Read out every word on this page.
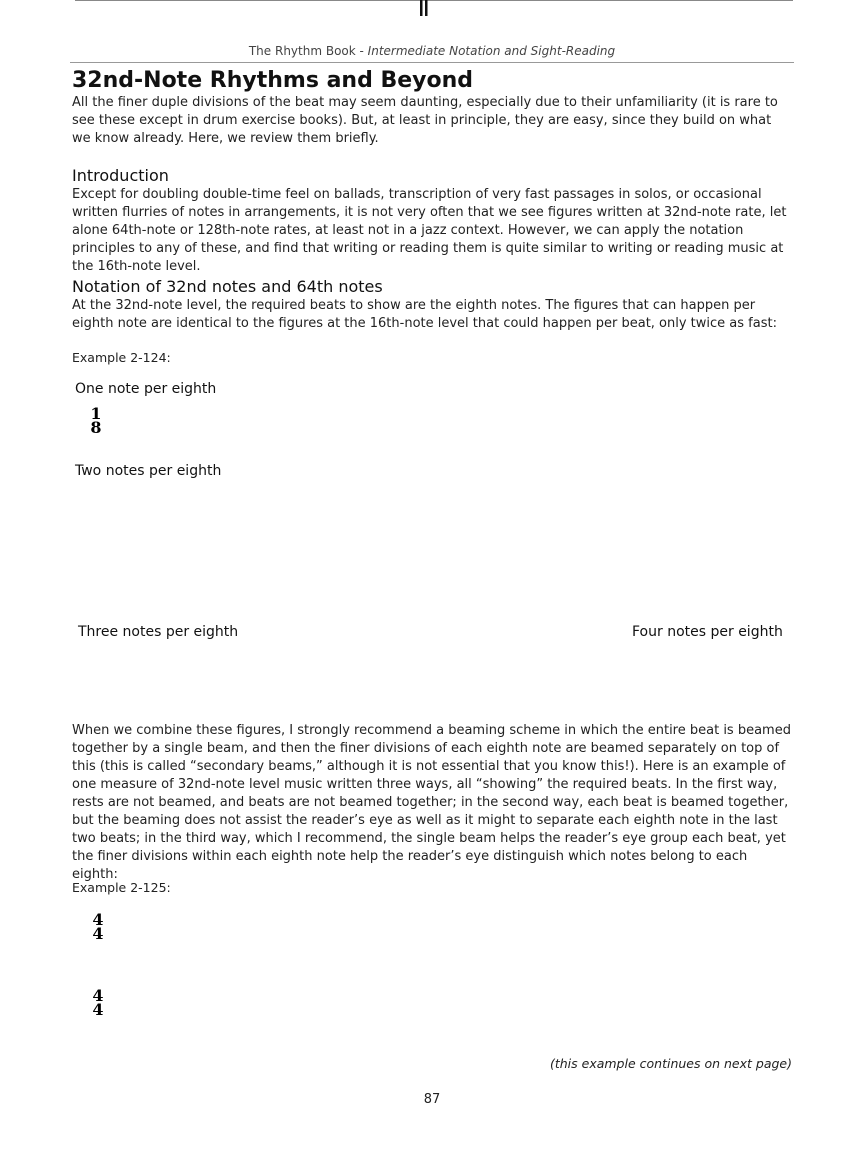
The Rhythm Book - Intermediate Notation and Sight-Reading
32nd-Note Rhythms and Beyond
All the finer duple divisions of the beat may seem daunting, especially due to their unfamiliarity (it is rare to see these except in drum exercise books). But, at least in principle, they are easy, since they build on what we know already. Here, we review them briefly.
Introduction
Except for doubling double-time feel on ballads, transcription of very fast passages in solos, or occasional written flurries of notes in arrangements, it is not very often that we see figures written at 32nd-note rate, let alone 64th-note or 128th-note rates, at least not in a jazz context. However, we can apply the notation principles to any of these, and find that writing or reading them is quite similar to writing or reading music at the 16th-note level.
Notation of 32nd notes and 64th notes
At the 32nd-note level, the required beats to show are the eighth notes. The figures that can happen per eighth note are identical to the figures at the 16th-note level that could happen per beat, only twice as fast:
Example 2-124:
One note per eighth
Two notes per eighth
Three notes per eighth	Four notes per eighth
When we combine these figures, I strongly recommend a beaming scheme in which the entire beat is beamed together by a single beam, and then the finer divisions of each eighth note are beamed separately on top of this (this is called “secondary beams,” although it is not essential that you know this!). Here is an example of one measure of 32nd-note level music written three ways, all “showing” the required beats. In the first way, rests are not beamed, and beats are not beamed together; in the second way, each beat is beamed together, but the beaming does not assist the reader’s eye as well as it might to separate each eighth note in the last two beats; in the third way, which I recommend, the single beam helps the reader’s eye group each beat, yet the finer divisions within each eighth note help the reader’s eye distinguish which notes belong to each eighth:
Example 2-125:
1
8
4
4
4
4
(this example continues on next page)
87
